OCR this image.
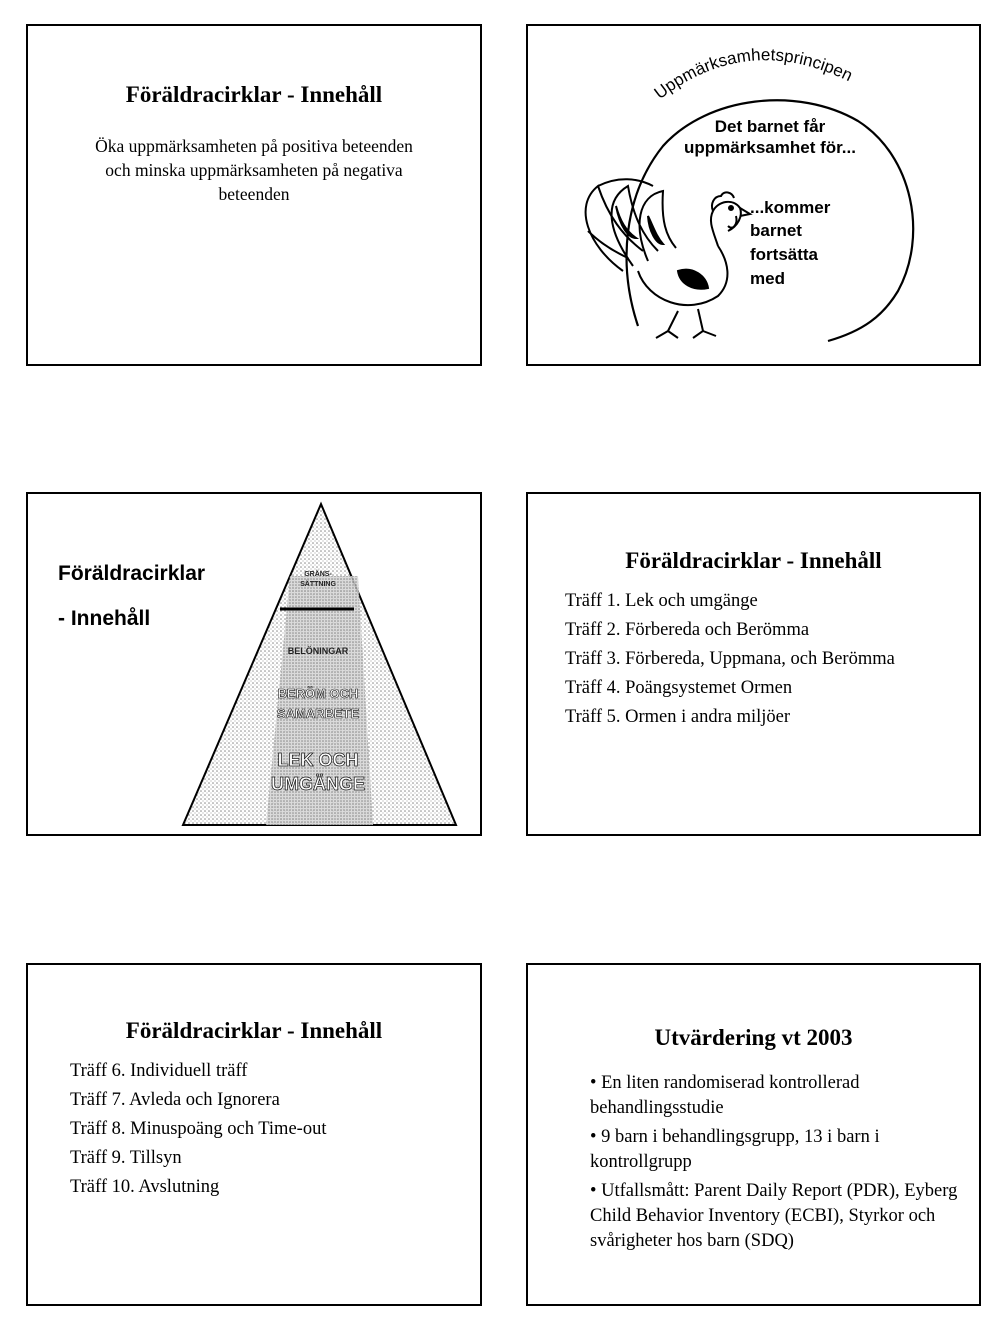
Föräldracirklar - Innehåll
Öka uppmärksamheten på positiva beteenden
och minska uppmärksamheten på negativa
beteenden
Uppmärksamhetsprincipen
Det barnet får
uppmärksamhet för...
...kommer
barnet
fortsätta
med
Föräldracirklar
- Innehåll
GRÄNS-
SÄTTNING
BELÖNINGAR
BERÖM OCH
SAMARBETE
LEK OCH
UMGÄNGE
Föräldracirklar - Innehåll
Träff 1. Lek och umgänge
Träff 2. Förbereda och Berömma
Träff 3. Förbereda, Uppmana, och Berömma
Träff 4. Poängsystemet Ormen
Träff 5. Ormen i andra miljöer
Föräldracirklar - Innehåll
Träff 6. Individuell träff
Träff 7. Avleda och Ignorera
Träff 8. Minuspoäng och Time-out
Träff 9. Tillsyn
Träff 10. Avslutning
Utvärdering vt 2003
• En liten randomiserad kontrollerad behandlingsstudie
• 9 barn i behandlingsgrupp, 13 i barn i kontrollgrupp
• Utfallsmått: Parent Daily Report (PDR), Eyberg Child Behavior Inventory (ECBI), Styrkor och svårigheter hos barn (SDQ)
